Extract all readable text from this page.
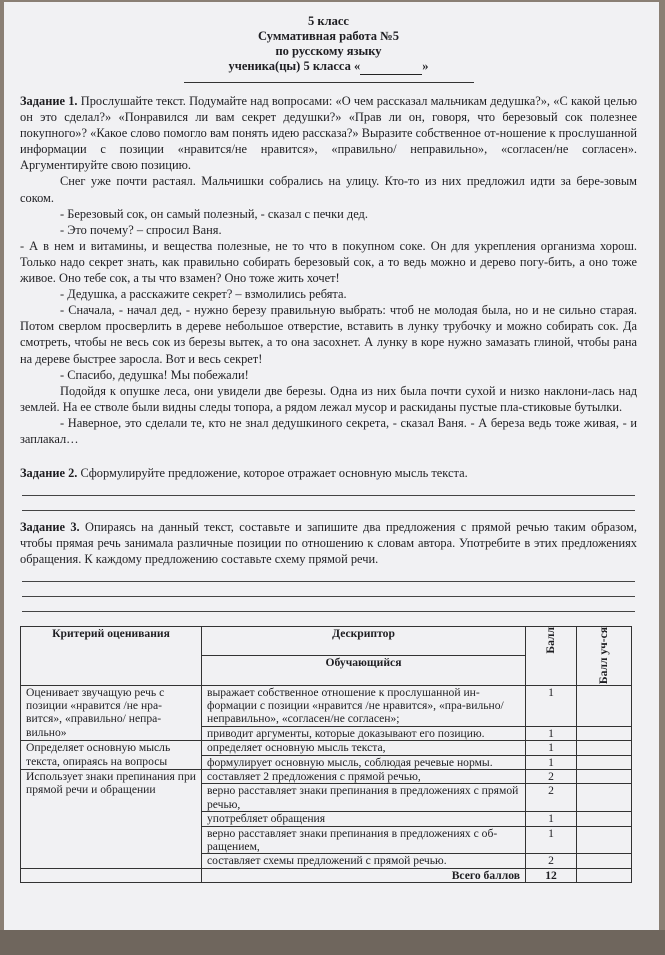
5 класс
Суммативная работа №5
по русскому языку
ученика(цы) 5 класса «	»

Задание 1. Прослушайте текст. Подумайте над вопросами: «О чем рассказал мальчикам дедушка?», «С какой целью он это сделал?» «Понравился ли вам секрет дедушки?» «Прав ли он, говоря, что березовый сок полезнее покупного»? «Какое слово помогло вам понять идею рассказа?» Выразите собственное от-ношение к прослушанной информации с позиции «нравится/не нравится», «правильно/ неправильно», «согласен/не согласен». Аргументируйте свою позицию.

Снег уже почти растаял. Мальчишки собрались на улицу. Кто-то из них предложил идти за бере-зовым соком.

- Березовый сок, он самый полезный, - сказал с печки дед.

- Это почему? – спросил Ваня.

- А в нем и витамины, и вещества полезные, не то что в покупном соке. Он для укрепления организма хорош. Только надо секрет знать, как правильно собирать березовый сок, а то ведь можно и дерево погу-бить, а оно тоже живое. Оно тебе сок, а ты что взамен? Оно тоже жить хочет!

- Дедушка, а расскажите секрет? – взмолились ребята.

- Сначала, - начал дед, - нужно березу правильную выбрать: чтоб не молодая была, но и не сильно старая. Потом сверлом просверлить в дереве небольшое отверстие, вставить в лунку трубочку и можно собирать сок. Да смотреть, чтобы не весь сок из березы вытек, а то она засохнет. А лунку в коре нужно замазать глиной, чтобы рана на дереве быстрее заросла. Вот и весь секрет!

- Спасибо, дедушка! Мы побежали!

Подойдя к опушке леса, они увидели две березы. Одна из них была почти сухой и низко наклони-лась над землей. На ее стволе были видны следы топора, а рядом лежал мусор и раскиданы пустые пла-стиковые бутылки.

- Наверное, это сделали те, кто не знал дедушкиного секрета, - сказал Ваня. - А береза ведь тоже живая, - и заплакал…

Задание 2. Сформулируйте предложение, которое отражает основную мысль текста.

Задание 3. Опираясь на данный текст, составьте и запишите два предложения с прямой речью таким образом, чтобы прямая речь занимала различные позиции по отношению к словам автора. Употребите в этих предложениях обращения. К каждому предложению составьте схему прямой речи.

Критерий оценивания	Дескриптор	Балл	Балл уч-ся

	Обучающийся		
Оценивает звучащую речь с позиции «нравится /не нра-вится», «правильно/ непра-вильно»	выражает собственное отношение к прослушанной ин-формации с позиции «нравится /не нравится», «пра-вильно/ неправильно», «согласен/не согласен»;	1	
	приводит аргументы, которые доказывают его позицию.	1	
Определяет основную мысль текста, опираясь на вопросы	определяет основную мысль текста,	1	
	формулирует основную мысль, соблюдая речевые нормы.	1	
Использует знаки препинания при прямой речи и обращении	составляет 2 предложения с прямой речью,	2	
	верно расставляет знаки препинания в предложениях с прямой речью,	2	
	употребляет обращения	1	
	верно расставляет знаки препинания в предложениях с об-ращением,	1	
	составляет схемы предложений с прямой речью.	2	
	Всего баллов	12	
